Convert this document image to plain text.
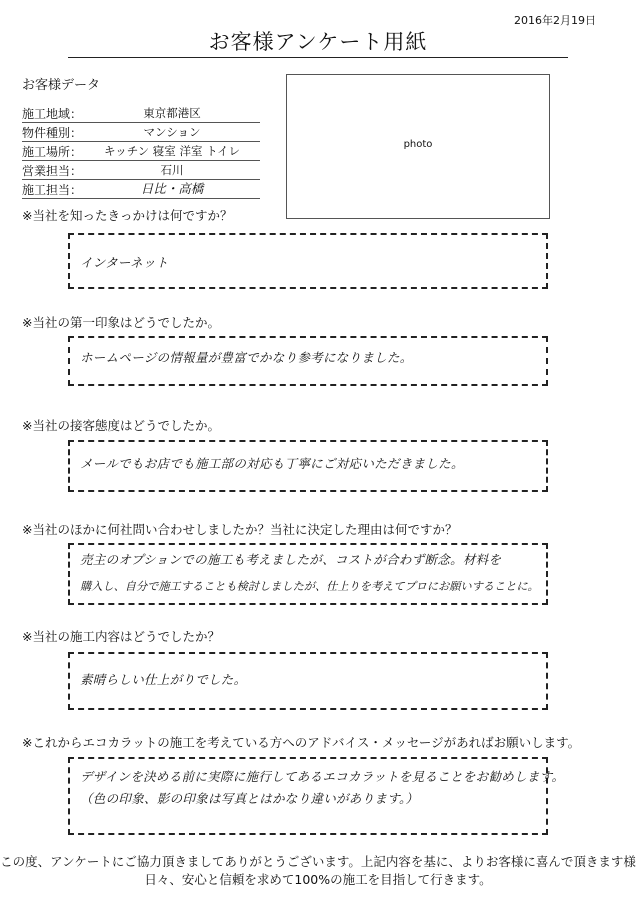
2016年2月19日
お客様アンケート用紙
お客様データ
施工地域：	東京都港区
物件種別：	マンション
施工場所： キッチン 寝室 洋室 トイレ
営業担当：	石川
施工担当：	日比・高橋
photo
※当社を知ったきっかけは何ですか？
インターネット
※当社の第一印象はどうでしたか。
ホームページの情報量が豊富でかなり参考になりました。
※当社の接客態度はどうでしたか。
メールでもお店でも施工部の対応も丁寧にご対応いただきました。
※当社のほかに何社問い合わせしましたか？当社に決定した理由は何ですか？
売主のオプションでの施工も考えましたが、コストが合わず断念。材料を
購入し、自分で施工することも検討しましたが、仕上りを考えてプロにお願いすることに。
※当社の施工内容はどうでしたか？
素晴らしい仕上がりでした。
※これからエコカラットの施工を考えている方へのアドバイス・メッセージがあればお願いします。
デザインを決める前に実際に施行してあるエコカラットを見ることをお勧めします。
（色の印象、影の印象は写真とはかなり違いがあります。）
この度、アンケートにご協力頂きましてありがとうございます。上記内容を基に、よりお客様に喜んで頂きます様
日々、安心と信頼を求めて100%の施工を目指して行きます。
